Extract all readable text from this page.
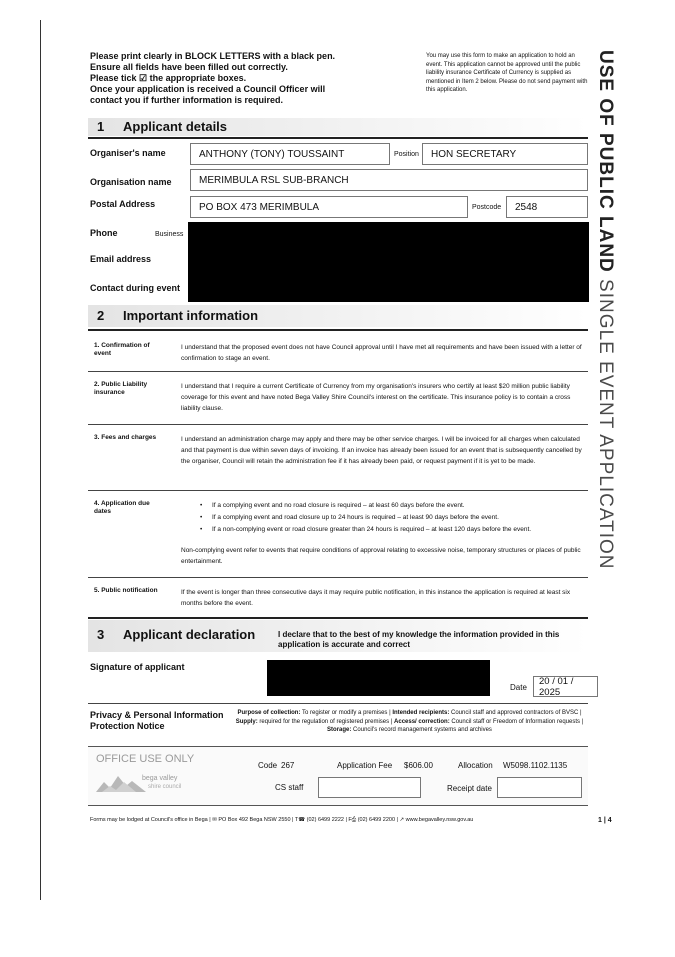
USE OF PUBLIC LAND SINGLE EVENT APPLICATION
Please print clearly in BLOCK LETTERS with a black pen.
Ensure all fields have been filled out correctly.
Please tick ☑ the appropriate boxes.
Once your application is received a Council Officer will
contact you if further information is required.
You may use this form to make an application to hold an event. This application cannot be approved until the public liability insurance Certificate of Currency is supplied as mentioned in Item 2 below. Please do not send payment with this application.
1 Applicant details
Organiser's name	ANTHONY (TONY) TOUSSAINT	Position HON SECRETARY
Organisation name	MERIMBULA RSL SUB-BRANCH
Postal Address	PO BOX 473 MERIMBULA	Postcode 2548
Phone	Business
Email address
Contact during event
2 Important information
1. Confirmation of event
I understand that the proposed event does not have Council approval until I have met all requirements and have been issued with a letter of confirmation to stage an event.
2. Public Liability insurance
I understand that I require a current Certificate of Currency from my organisation's insurers who certify at least $20 million public liability coverage for this event and have noted Bega Valley Shire Council's interest on the certificate. This insurance policy is to contain a cross liability clause.
3. Fees and charges	I understand an administration charge may apply and there may be other service charges. I will be invoiced for all charges when calculated and that payment is due within seven days of invoicing. If an invoice has already been issued for an event that is subsequently cancelled by the organiser, Council will retain the administration fee if it has already been paid, or request payment if it is yet to be made.
4. Application due dates
• If a complying event and no road closure is required – at least 60 days before the event.
• If a complying event and road closure up to 24 hours is required – at least 90 days before the event.
• If a non-complying event or road closure greater than 24 hours is required – at least 120 days before the event.
Non-complying event refer to events that require conditions of approval relating to excessive noise, temporary structures or places of public entertainment.
5. Public notification	If the event is longer than three consecutive days it may require public notification, in this instance the application is required at least six months before the event.
3 Applicant declaration	I declare that to the best of my knowledge the information provided in this application is accurate and correct
Signature of applicant
Date
20 / 01 / 2025
Privacy & Personal Information Protection Notice
Purpose of collection: To register or modify a premises | Intended recipients: Council staff and approved contractors of BVSC | Supply: required for the regulation of registered premises | Access/ correction: Council staff or Freedom of Information requests | Storage: Council's record management systems and archives
OFFICE USE ONLY
bega valley
shire council
Code 267	Application Fee $606.00	Allocation W5098.1102.1135
CS staff	Receipt date
Forms may be lodged at Council's office in Bega | ✉ PO Box 492 Bega NSW 2550 | T☎ (02) 6499 2222 | F⎙ (02) 6499 2200 | ↗ www.begavalley.nsw.gov.au	1 | 4
